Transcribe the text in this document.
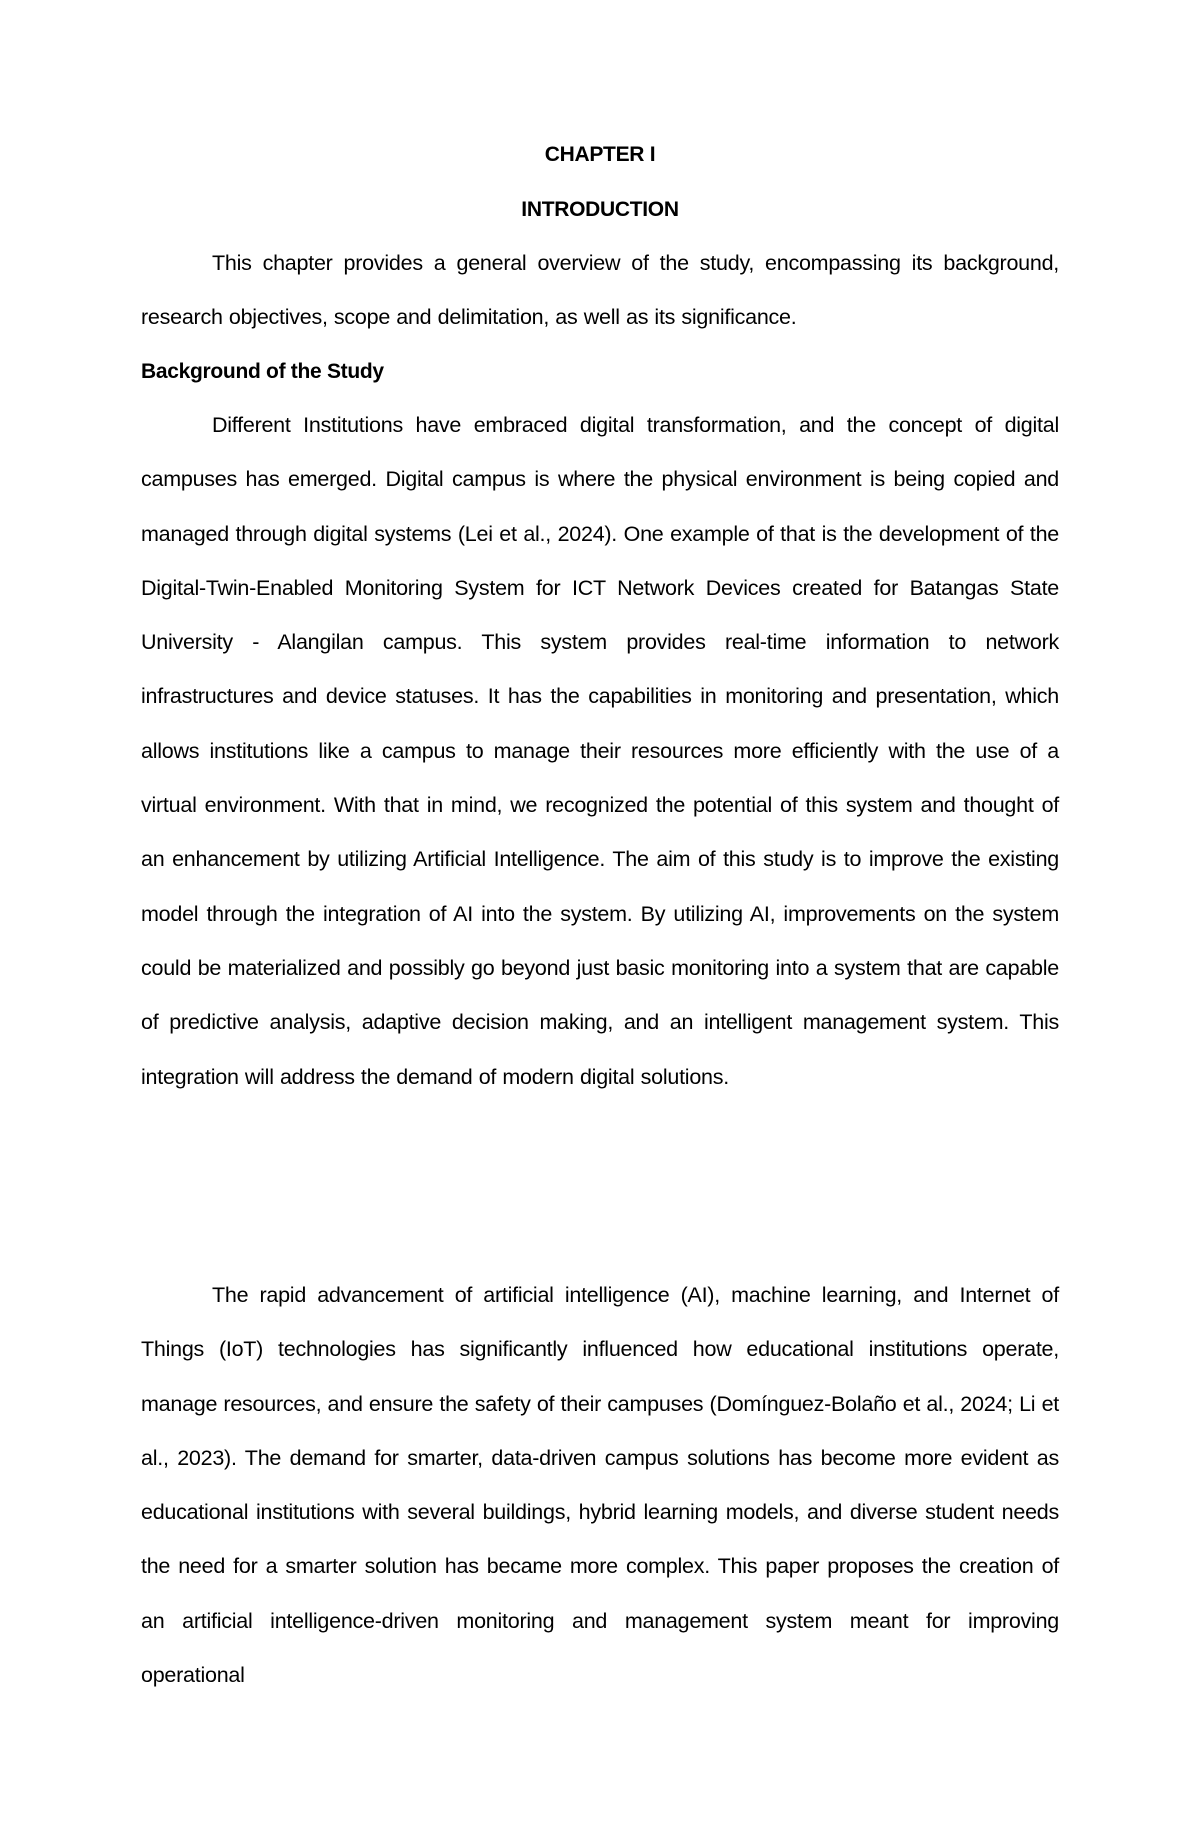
CHAPTER I
INTRODUCTION

This chapter provides a general overview of the study, encompassing its background, research objectives, scope and delimitation, as well as its significance.

Background of the Study

Different Institutions have embraced digital transformation, and the concept of digital campuses has emerged. Digital campus is where the physical environment is being copied and managed through digital systems (Lei et al., 2024). One example of that is the development of the Digital-Twin-Enabled Monitoring System for ICT Network Devices created for Batangas State University - Alangilan campus. This system provides real-time information to network infrastructures and device statuses. It has the capabilities in monitoring and presentation, which allows institutions like a campus to manage their resources more efficiently with the use of a virtual environment. With that in mind, we recognized the potential of this system and thought of an enhancement by utilizing Artificial Intelligence. The aim of this study is to improve the existing model through the integration of AI into the system. By utilizing AI, improvements on the system could be materialized and possibly go beyond just basic monitoring into a system that are capable of predictive analysis, adaptive decision making, and an intelligent management system. This integration will address the demand of modern digital solutions.

The rapid advancement of artificial intelligence (AI), machine learning, and Internet of Things (IoT) technologies has significantly influenced how educational institutions operate, manage resources, and ensure the safety of their campuses (Domínguez-Bolaño et al., 2024; Li et al., 2023). The demand for smarter, data-driven campus solutions has become more evident as educational institutions with several buildings, hybrid learning models, and diverse student needs the need for a smarter solution has became more complex. This paper proposes the creation of an artificial intelligence-driven monitoring and management system meant for improving operational
